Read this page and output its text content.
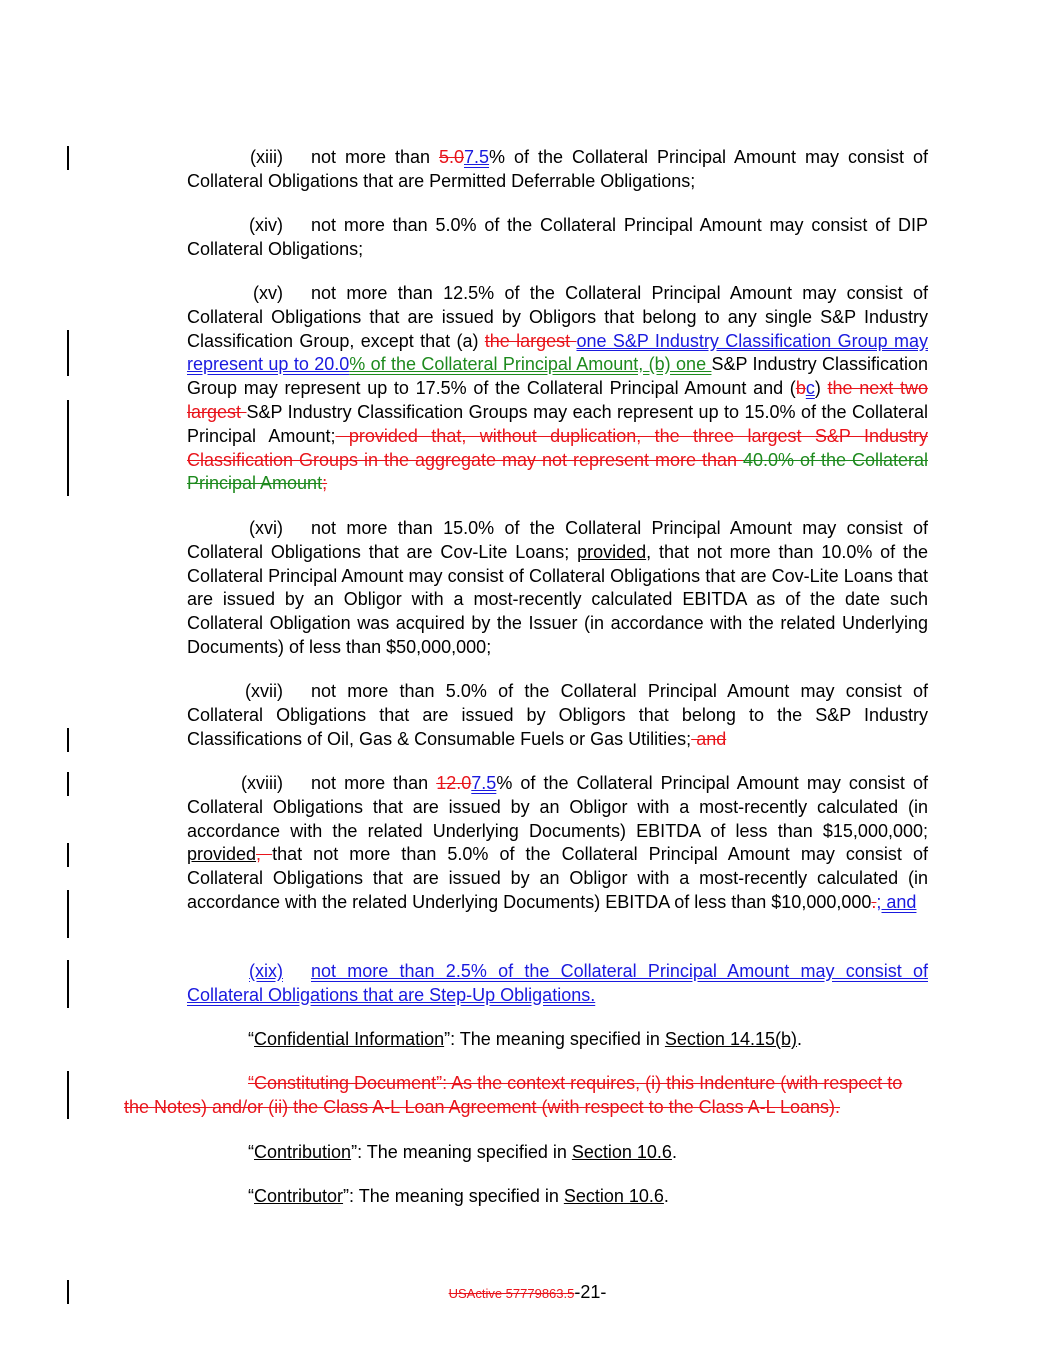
(xiii) not more than 5.07.5% of the Collateral Principal Amount may consist of Collateral Obligations that are Permitted Deferrable Obligations;
(xiv) not more than 5.0% of the Collateral Principal Amount may consist of DIP Collateral Obligations;
(xv) not more than 12.5% of the Collateral Principal Amount may consist of Collateral Obligations that are issued by Obligors that belong to any single S&P Industry Classification Group, except that (a) the largest one S&P Industry Classification Group may represent up to 20.0% of the Collateral Principal Amount, (b) one S&P Industry Classification Group may represent up to 17.5% of the Collateral Principal Amount and (bc) the next two largest S&P Industry Classification Groups may each represent up to 15.0% of the Collateral Principal Amount; provided that, without duplication, the three largest S&P Industry Classification Groups in the aggregate may not represent more than 40.0% of the Collateral Principal Amount;
(xvi) not more than 15.0% of the Collateral Principal Amount may consist of Collateral Obligations that are Cov-Lite Loans; provided, that not more than 10.0% of the Collateral Principal Amount may consist of Collateral Obligations that are Cov-Lite Loans that are issued by an Obligor with a most-recently calculated EBITDA as of the date such Collateral Obligation was acquired by the Issuer (in accordance with the related Underlying Documents) of less than $50,000,000;
(xvii) not more than 5.0% of the Collateral Principal Amount may consist of Collateral Obligations that are issued by Obligors that belong to the S&P Industry Classifications of Oil, Gas & Consumable Fuels or Gas Utilities; and
(xviii) not more than 12.07.5% of the Collateral Principal Amount may consist of Collateral Obligations that are issued by an Obligor with a most-recently calculated (in accordance with the related Underlying Documents) EBITDA of less than $15,000,000; provided, that not more than 5.0% of the Collateral Principal Amount may consist of Collateral Obligations that are issued by an Obligor with a most-recently calculated (in accordance with the related Underlying Documents) EBITDA of less than $10,000,000.; and
(xix) not more than 2.5% of the Collateral Principal Amount may consist of Collateral Obligations that are Step-Up Obligations.
“Confidential Information”: The meaning specified in Section 14.15(b).
“Constituting Document”: As the context requires, (i) this Indenture (with respect to the Notes) and/or (ii) the Class A-L Loan Agreement (with respect to the Class A-L Loans).
“Contribution”: The meaning specified in Section 10.6.
“Contributor”: The meaning specified in Section 10.6.
USActive 57779863.5-21-
